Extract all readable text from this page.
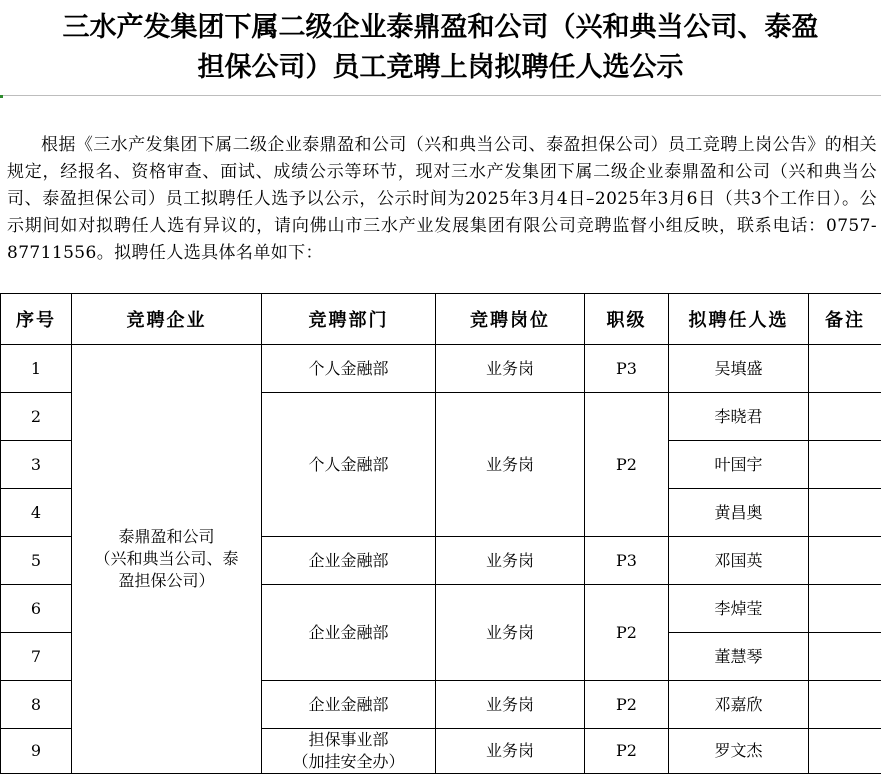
三水产发集团下属二级企业泰鼎盈和公司（兴和典当公司、泰盈
担保公司）员工竞聘上岗拟聘任人选公示

根据《三水产发集团下属二级企业泰鼎盈和公司（兴和典当公司、泰盈担保公司）员工竞聘上岗公告》的相关规定，经报名、资格审查、面试、成绩公示等环节，现对三水产发集团下属二级企业泰鼎盈和公司（兴和典当公司、泰盈担保公司）员工拟聘任人选予以公示，公示时间为2025年3月4日–2025年3月6日（共3个工作日）。公示期间如对拟聘任人选有异议的，请向佛山市三水产业发展集团有限公司竞聘监督小组反映，联系电话：0757-87711556。拟聘任人选具体名单如下：

序号	竞聘企业	竞聘部门	竞聘岗位	职级	拟聘任人选	备注
1	泰鼎盈和公司
（兴和典当公司、泰
盈担保公司）	个人金融部	业务岗	P3	吴填盛	
2		个人金融部	业务岗	P2	李晓君	
3					叶国宇	
4					黄昌奥	
5		企业金融部	业务岗	P3	邓国英	
6		企业金融部	业务岗	P2	李焯莹	
7					董慧琴	
8		企业金融部	业务岗	P2	邓嘉欣	
9		担保事业部
（加挂安全办）	业务岗	P2	罗文杰	
